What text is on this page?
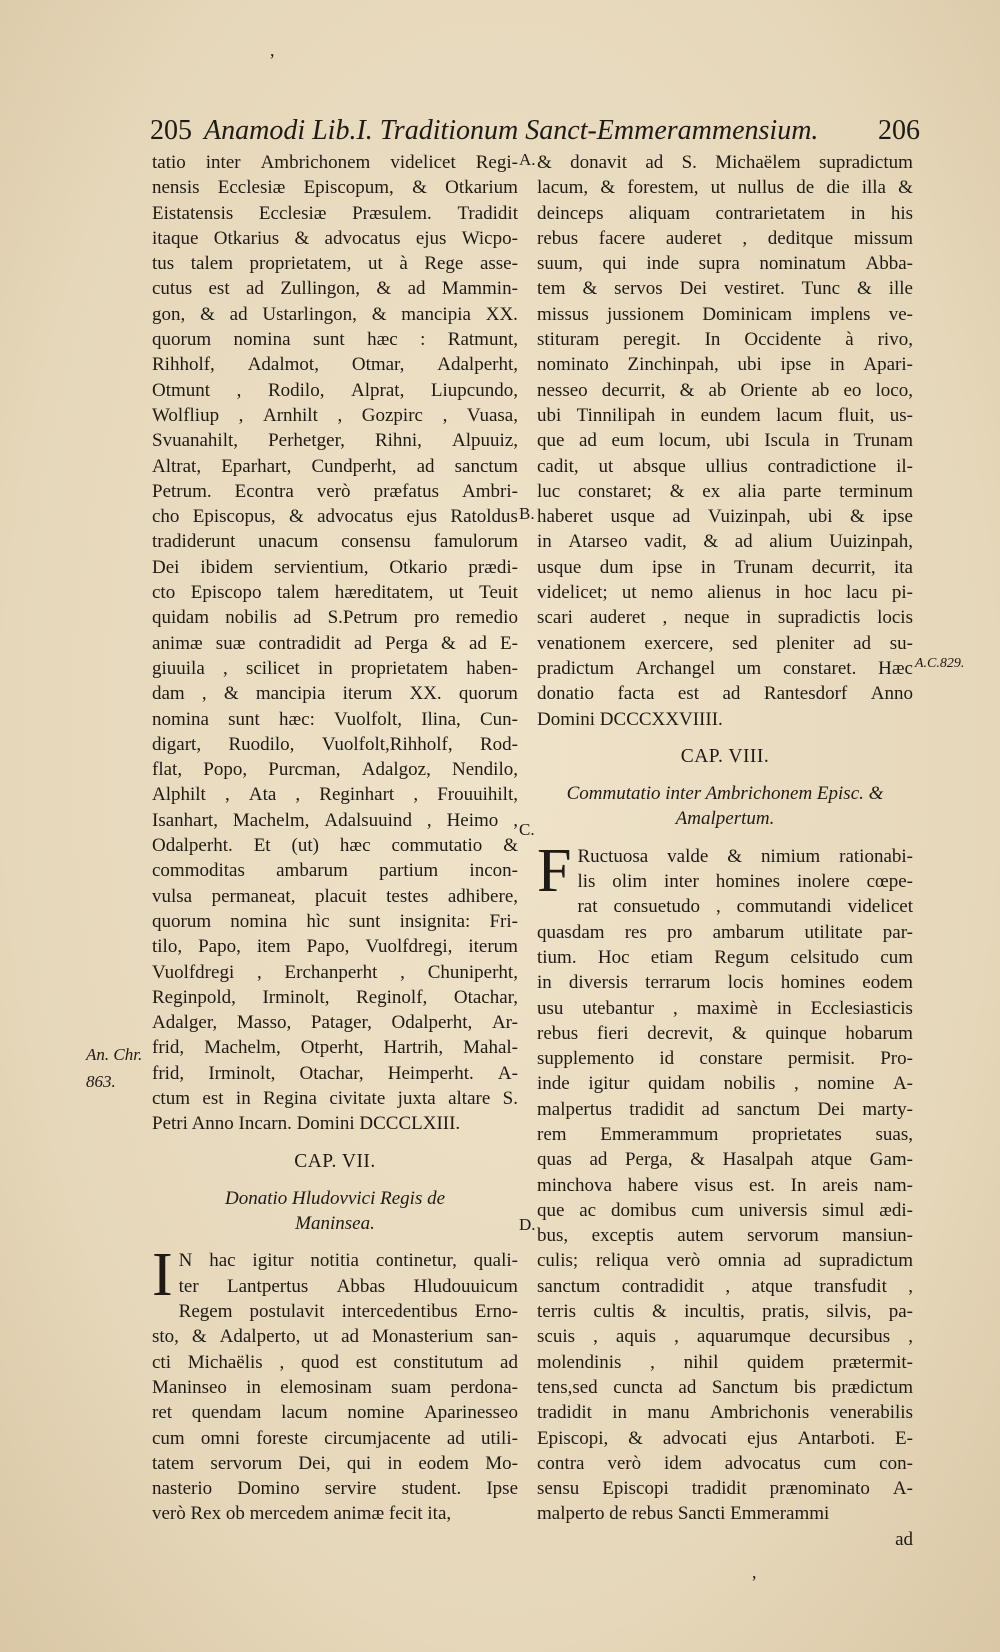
,
205 Anamodi Lib.I. Traditionum Sanct-Emmerammensium. 206
tatio inter Ambrichonem videlicet Regi-
nensis Ecclesiæ Episcopum, & Otkarium
Eistatensis Ecclesiæ Præsulem. Tradidit
itaque Otkarius & advocatus ejus Wicpo-
tus talem proprietatem, ut à Rege asse-
cutus est ad Zullingon, & ad Mammin-
gon, & ad Ustarlingon, & mancipia XX.
quorum nomina sunt hæc : Ratmunt,
Rihholf, Adalmot, Otmar, Adalperht,
Otmunt , Rodilo, Alprat, Liupcundo,
Wolfliup , Arnhilt , Gozpirc , Vuasa,
Svuanahilt, Perhetger, Rihni, Alpuuiz,
Altrat, Eparhart, Cundperht, ad sanctum
Petrum. Econtra verò præfatus Ambri-
cho Episcopus, & advocatus ejus Ratoldus
tradiderunt unacum consensu famulorum
Dei ibidem servientium, Otkario prædi-
cto Episcopo talem hæreditatem, ut Teuit
quidam nobilis ad S.Petrum pro remedio
animæ suæ contradidit ad Perga & ad E-
giuuila , scilicet in proprietatem haben-
dam , & mancipia iterum XX. quorum
nomina sunt hæc: Vuolfolt, Ilina, Cun-
digart, Ruodilo, Vuolfolt,Rihholf, Rod-
flat, Popo, Purcman, Adalgoz, Nendilo,
Alphilt , Ata , Reginhart , Frouuihilt,
Isanhart, Machelm, Adalsuuind , Heimo ,
Odalperht. Et (ut) hæc commutatio &
commoditas ambarum partium incon-
vulsa permaneat, placuit testes adhibere,
quorum nomina hìc sunt insignita: Fri-
tilo, Papo, item Papo, Vuolfdregi, iterum
Vuolfdregi , Erchanperht , Chuniperht,
Reginpold, Irminolt, Reginolf, Otachar,
Adalger, Masso, Patager, Odalperht, Ar-
frid, Machelm, Otperht, Hartrih, Mahal-
frid, Irminolt, Otachar, Heimperht. A-
ctum est in Regina civitate juxta altare S.
Petri Anno Incarn. Domini DCCCLXIII.
CAP. VII.
Donatio Hludovvici Regis de
Maninsea.
I N hac igitur notitia continetur, quali-
ter Lantpertus Abbas Hludouuicum
Regem postulavit intercedentibus Erno-
sto, & Adalperto, ut ad Monasterium san-
cti Michaëlis , quod est constitutum ad
Maninseo in elemosinam suam perdona-
ret quendam lacum nomine Aparinesseo
cum omni foreste circumjacente ad utili-
tatem servorum Dei, qui in eodem Mo-
nasterio Domino servire student. Ipse
verò Rex ob mercedem animæ fecit ita,
& donavit ad S. Michaëlem supradictum
lacum, & forestem, ut nullus de die illa &
deinceps aliquam contrarietatem in his
rebus facere auderet , deditque missum
suum, qui inde supra nominatum Abba-
tem & servos Dei vestiret. Tunc & ille
missus jussionem Dominicam implens ve-
stituram peregit. In Occidente à rivo,
nominato Zinchinpah, ubi ipse in Apari-
nesseo decurrit, & ab Oriente ab eo loco,
ubi Tinnilipah in eundem lacum fluit, us-
que ad eum locum, ubi Iscula in Trunam
cadit, ut absque ullius contradictione il-
luc constaret; & ex alia parte terminum
haberet usque ad Vuizinpah, ubi & ipse
in Atarseo vadit, & ad alium Uuizinpah,
usque dum ipse in Trunam decurrit, ita
videlicet; ut nemo alienus in hoc lacu pi-
scari auderet , neque in supradictis locis
venationem exercere, sed pleniter ad su-
pradictum Archangel um constaret. Hæc
donatio facta est ad Rantesdorf Anno
Domini DCCCXXVIIII.
CAP. VIII.
Commutatio inter Ambrichonem Episc. &
Amalpertum.
F Ructuosa valde & nimium rationabi-
lis olim inter homines inolere cœpe-
rat consuetudo , commutandi videlicet
quasdam res pro ambarum utilitate par-
tium. Hoc etiam Regum celsitudo cum
in diversis terrarum locis homines eodem
usu utebantur , maximè in Ecclesiasticis
rebus fieri decrevit, & quinque hobarum
supplemento id constare permisit. Pro-
inde igitur quidam nobilis , nomine A-
malpertus tradidit ad sanctum Dei marty-
rem Emmerammum proprietates suas,
quas ad Perga, & Hasalpah atque Gam-
minchova habere visus est. In areis nam-
que ac domibus cum universis simul ædi-
bus, exceptis autem servorum mansiun-
culis; reliqua verò omnia ad supradictum
sanctum contradidit , atque transfudit ,
terris cultis & incultis, pratis, silvis, pa-
scuis , aquis , aquarumque decursibus ,
molendinis , nihil quidem prætermit-
tens,sed cuncta ad Sanctum bis prædictum
tradidit in manu Ambrichonis venerabilis
Episcopi, & advocati ejus Antarboti. E-
contra verò idem advocatus cum con-
sensu Episcopi tradidit prænominato A-
malperto de rebus Sancti Emmerammi
ad
A.
B.
C.
D.
An. Chr.
863.
A.C.829.
,
